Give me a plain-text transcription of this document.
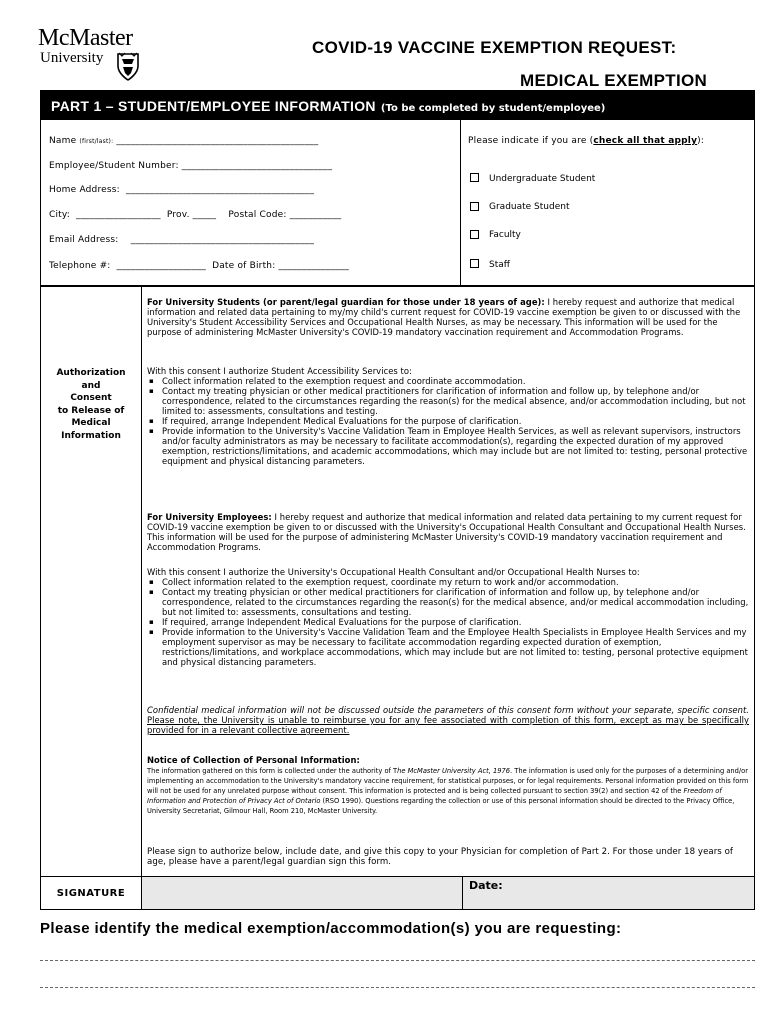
McMaster
University
COVID-19 VACCINE EXEMPTION REQUEST:
MEDICAL EXEMPTION
PART 1 – STUDENT/EMPLOYEE INFORMATION (To be completed by student/employee)
Name (first/last): ___________________________________________
Employee/Student Number: ________________________________
Home Address:  ________________________________________
City:  __________________  Prov. _____    Postal Code: ___________
Email Address:    _______________________________________
Telephone #:  ___________________  Date of Birth: _______________
Please indicate if you are (check all that apply):
Undergraduate Student
Graduate Student
Faculty
Staff
Authorization
and
Consent
to Release of
Medical
Information
For University Students (or parent/legal guardian for those under 18 years of age): I hereby request and authorize that medical information and related data pertaining to my/my child's current request for COVID-19 vaccine exemption be given to or discussed with the University's Student Accessibility Services and Occupational Health Nurses, as may be necessary. This information will be used for the purpose of administering McMaster University's COVID-19 mandatory vaccination requirement and Accommodation Programs.
With this consent I authorize Student Accessibility Services to:
▪ Collect information related to the exemption request and coordinate accommodation.
▪ Contact my treating physician or other medical practitioners for clarification of information and follow up, by telephone and/or correspondence, related to the circumstances regarding the reason(s) for the medical absence, and/or accommodation including, but not limited to: assessments, consultations and testing.
▪ If required, arrange Independent Medical Evaluations for the purpose of clarification.
▪ Provide information to the University's Vaccine Validation Team in Employee Health Services, as well as relevant supervisors, instructors and/or faculty administrators as may be necessary to facilitate accommodation(s), regarding the expected duration of my approved exemption, restrictions/limitations, and academic accommodations, which may include but are not limited to: testing, personal protective equipment and physical distancing parameters.
For University Employees: I hereby request and authorize that medical information and related data pertaining to my current request for COVID-19 vaccine exemption be given to or discussed with the University's Occupational Health Consultant and Occupational Health Nurses. This information will be used for the purpose of administering McMaster University's COVID-19 mandatory vaccination requirement and Accommodation Programs.
With this consent I authorize the University's Occupational Health Consultant and/or Occupational Health Nurses to:
▪ Collect information related to the exemption request, coordinate my return to work and/or accommodation.
▪ Contact my treating physician or other medical practitioners for clarification of information and follow up, by telephone and/or correspondence, related to the circumstances regarding the reason(s) for the medical absence, and/or medical accommodation including, but not limited to: assessments, consultations and testing.
▪ If required, arrange Independent Medical Evaluations for the purpose of clarification.
▪ Provide information to the University's Vaccine Validation Team and the Employee Health Specialists in Employee Health Services and my employment supervisor as may be necessary to facilitate accommodation regarding expected duration of exemption, restrictions/limitations, and workplace accommodations, which may include but are not limited to: testing, personal protective equipment and physical distancing parameters.
Confidential medical information will not be discussed outside the parameters of this consent form without your separate, specific consent. Please note, the University is unable to reimburse you for any fee associated with completion of this form, except as may be specifically provided for in a relevant collective agreement.
Notice of Collection of Personal Information:
The information gathered on this form is collected under the authority of The McMaster University Act, 1976. The information is used only for the purposes of a determining and/or implementing an accommodation to the University's mandatory vaccine requirement, for statistical purposes, or for legal requirements. Personal information provided on this form will not be used for any unrelated purpose without consent. This information is protected and is being collected pursuant to section 39(2) and section 42 of the Freedom of Information and Protection of Privacy Act of Ontario (RSO 1990). Questions regarding the collection or use of this personal information should be directed to the Privacy Office, University Secretariat, Gilmour Hall, Room 210, McMaster University.
Please sign to authorize below, include date, and give this copy to your Physician for completion of Part 2. For those under 18 years of age, please have a parent/legal guardian sign this form.
SIGNATURE
Date:
Please identify the medical exemption/accommodation(s) you are requesting:
